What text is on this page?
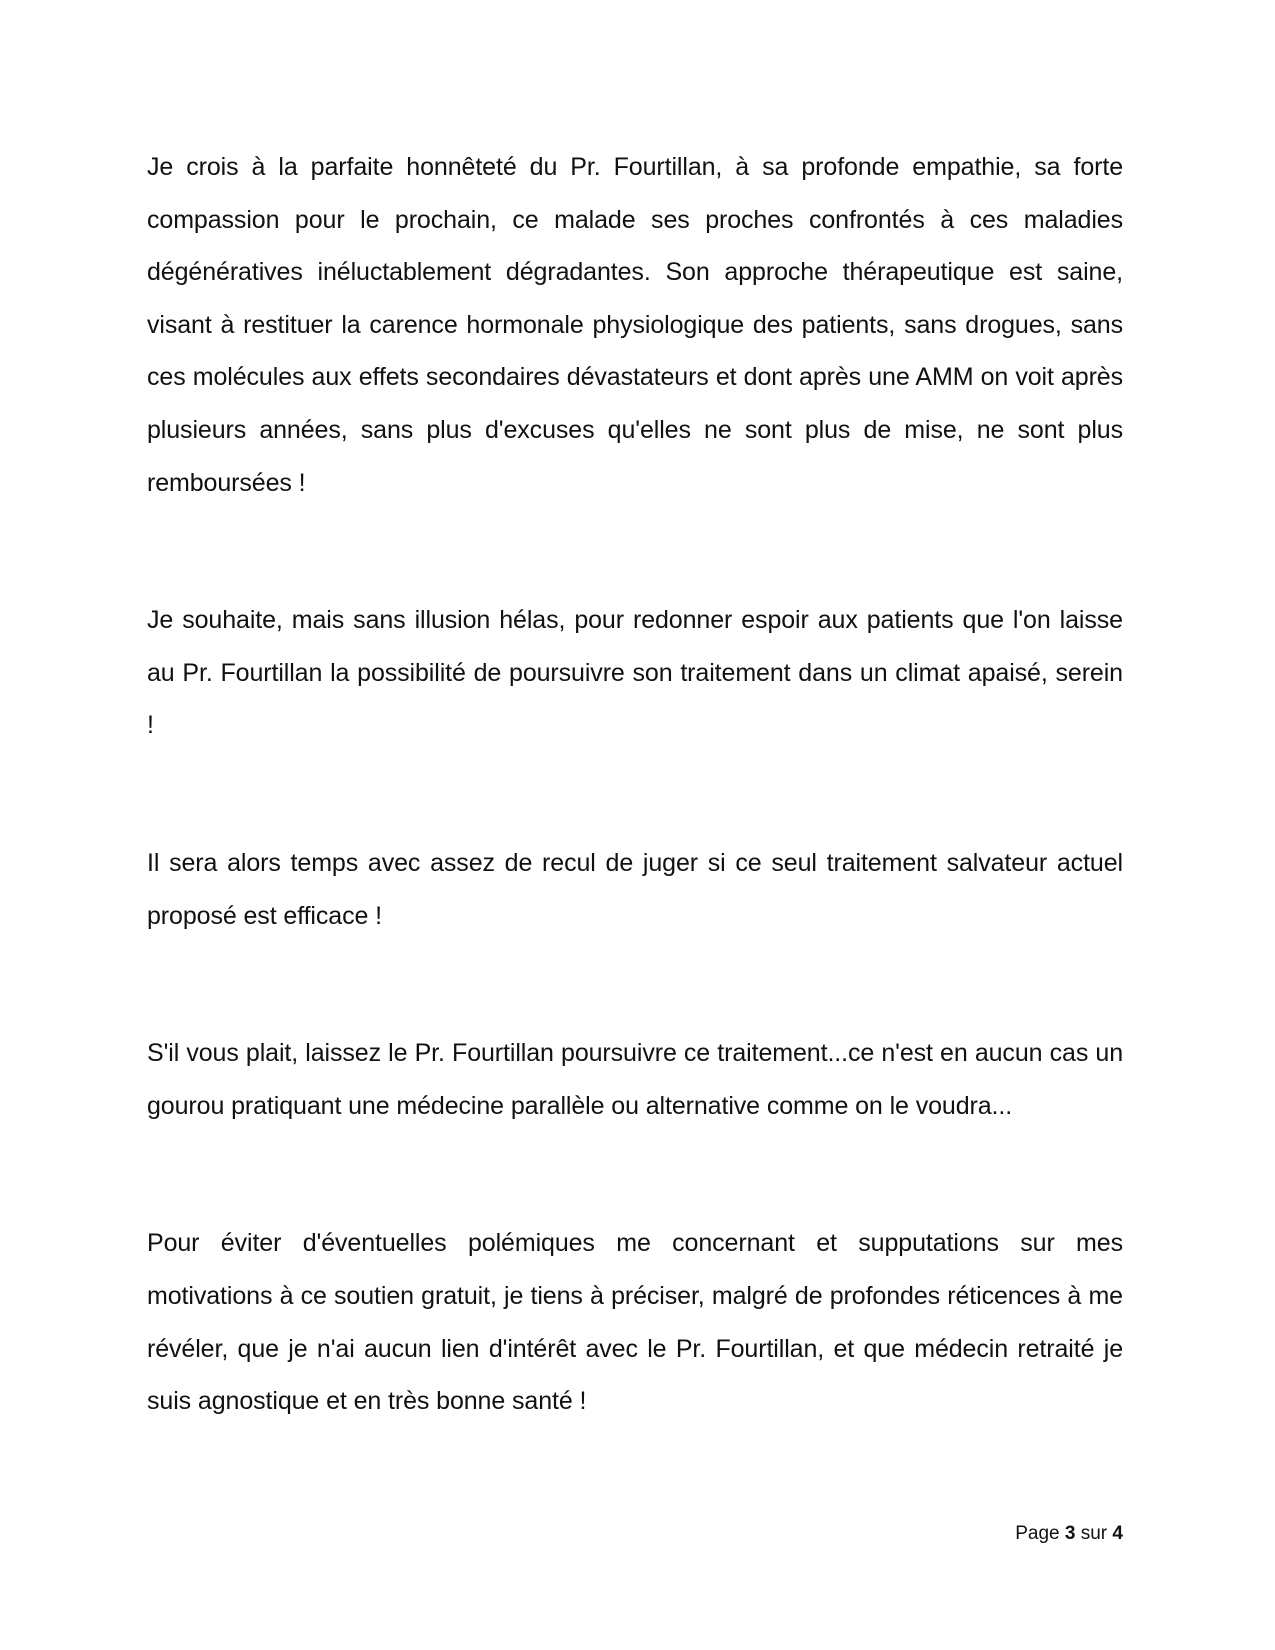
Je crois à la parfaite honnêteté du Pr. Fourtillan, à sa profonde empathie, sa forte compassion pour le prochain, ce malade ses proches confrontés à ces maladies dégénératives inéluctablement dégradantes. Son approche thérapeutique est saine, visant à restituer la carence hormonale physiologique des patients, sans drogues, sans ces molécules aux effets secondaires dévastateurs et dont après une AMM on voit après plusieurs années, sans plus d'excuses qu'elles ne sont plus de mise, ne sont plus remboursées !

Je souhaite, mais sans illusion hélas, pour redonner espoir aux patients que l'on laisse au Pr. Fourtillan la possibilité de poursuivre son traitement dans un climat apaisé, serein !

Il sera alors temps avec assez de recul de juger si ce seul traitement salvateur actuel proposé est efficace !

S'il vous plait, laissez le Pr. Fourtillan poursuivre ce traitement...ce n'est en aucun cas un gourou pratiquant une médecine parallèle ou alternative comme on le voudra...

Pour éviter d'éventuelles polémiques me concernant et supputations sur mes motivations à ce soutien gratuit, je tiens à préciser, malgré de profondes réticences à me révéler, que je n'ai aucun lien d'intérêt avec le Pr. Fourtillan, et que médecin retraité je suis agnostique et en très bonne santé !

Page 3 sur 4
